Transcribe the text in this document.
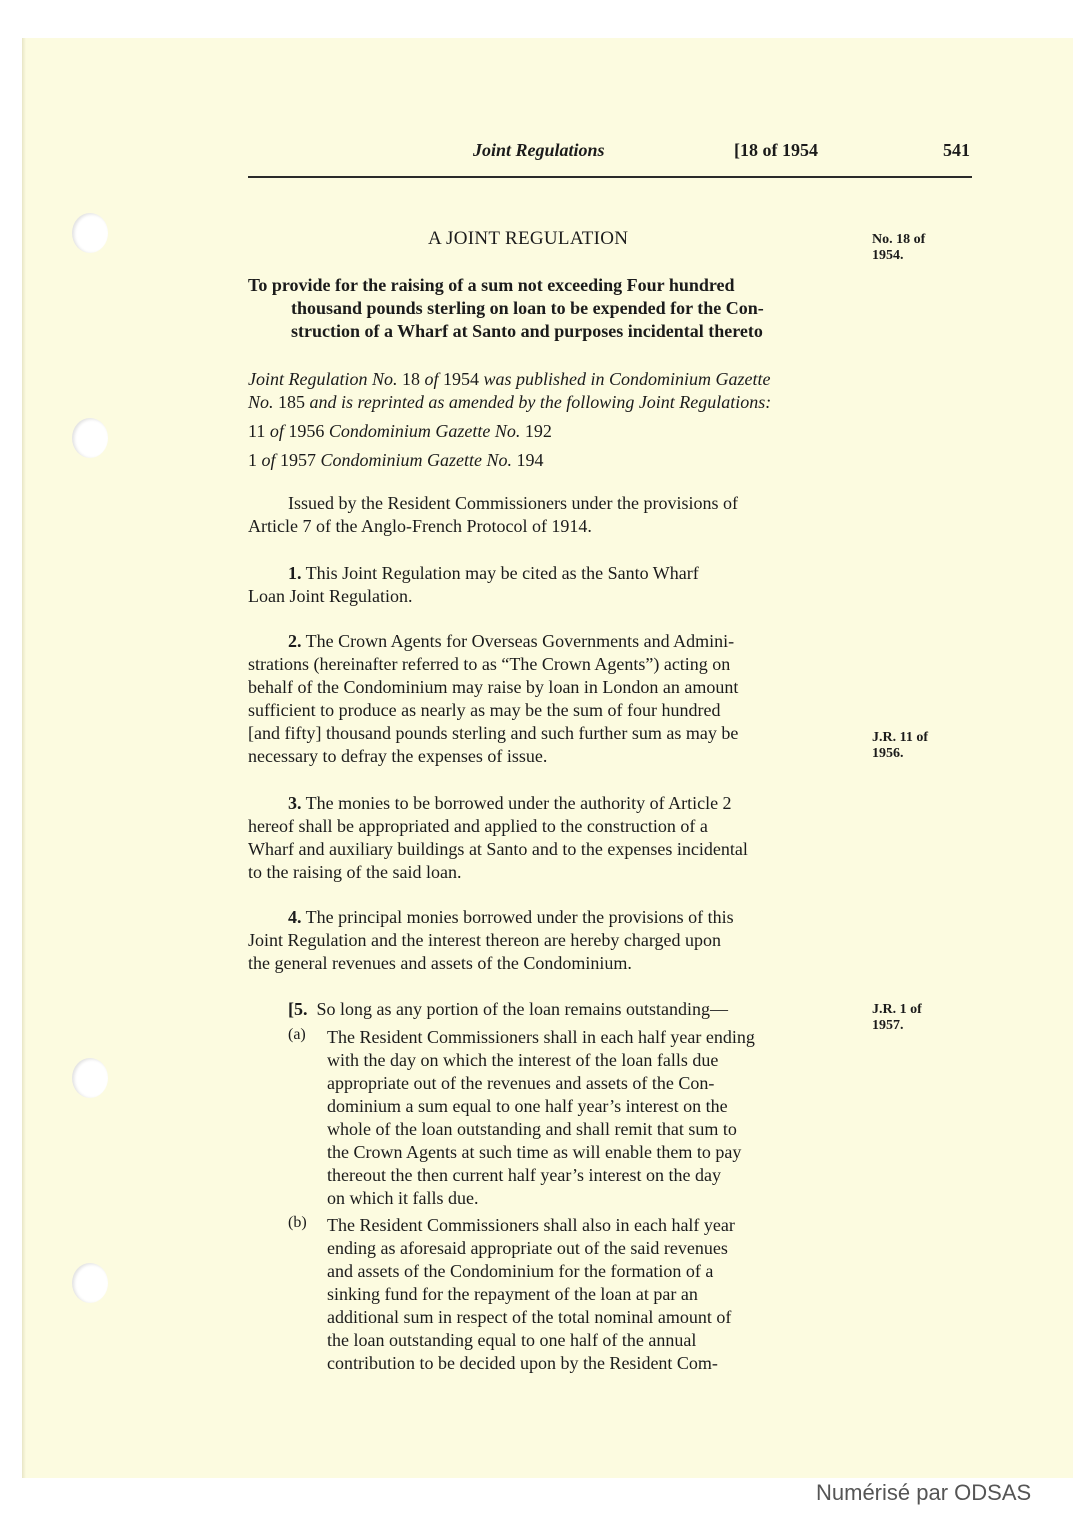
Joint Regulations	[18 of 1954	541
A JOINT REGULATION	No. 18 of
1954.

To provide for the raising of a sum not exceeding Four hundred

thousand pounds sterling on loan to be expended for the Con-

struction of a Wharf at Santo and purposes incidental thereto

Joint Regulation No. 18 of 1954 was published in Condominium Gazette

No. 185 and is reprinted as amended by the following Joint Regulations:

11 of 1956 Condominium Gazette No. 192

1 of 1957 Condominium Gazette No. 194

Issued by the Resident Commissioners under the provisions of

Article 7 of the Anglo-French Protocol of 1914.

1. This Joint Regulation may be cited as the Santo Wharf

Loan Joint Regulation.

2. The Crown Agents for Overseas Governments and Admini-

strations (hereinafter referred to as “The Crown Agents”) acting on

behalf of the Condominium may raise by loan in London an amount

sufficient to produce as nearly as may be the sum of four hundred

[and fifty] thousand pounds sterling and such further sum as may be

necessary to defray the expenses of issue.

J.R. 11 of
1956.

3. The monies to be borrowed under the authority of Article 2

hereof shall be appropriated and applied to the construction of a

Wharf and auxiliary buildings at Santo and to the expenses incidental

to the raising of the said loan.

4. The principal monies borrowed under the provisions of this

Joint Regulation and the interest thereon are hereby charged upon

the general revenues and assets of the Condominium.

[5. So long as any portion of the loan remains outstanding—	J.R. 1 of
1957.
(a) The Resident Commissioners shall in each half year ending

with the day on which the interest of the loan falls due

appropriate out of the revenues and assets of the Con-

dominium a sum equal to one half year’s interest on the

whole of the loan outstanding and shall remit that sum to

the Crown Agents at such time as will enable them to pay

thereout the then current half year’s interest on the day

on which it falls due.

(b) The Resident Commissioners shall also in each half year

ending as aforesaid appropriate out of the said revenues

and assets of the Condominium for the formation of a

sinking fund for the repayment of the loan at par an

additional sum in respect of the total nominal amount of

the loan outstanding equal to one half of the annual

contribution to be decided upon by the Resident Com-

Numérisé par ODSAS
